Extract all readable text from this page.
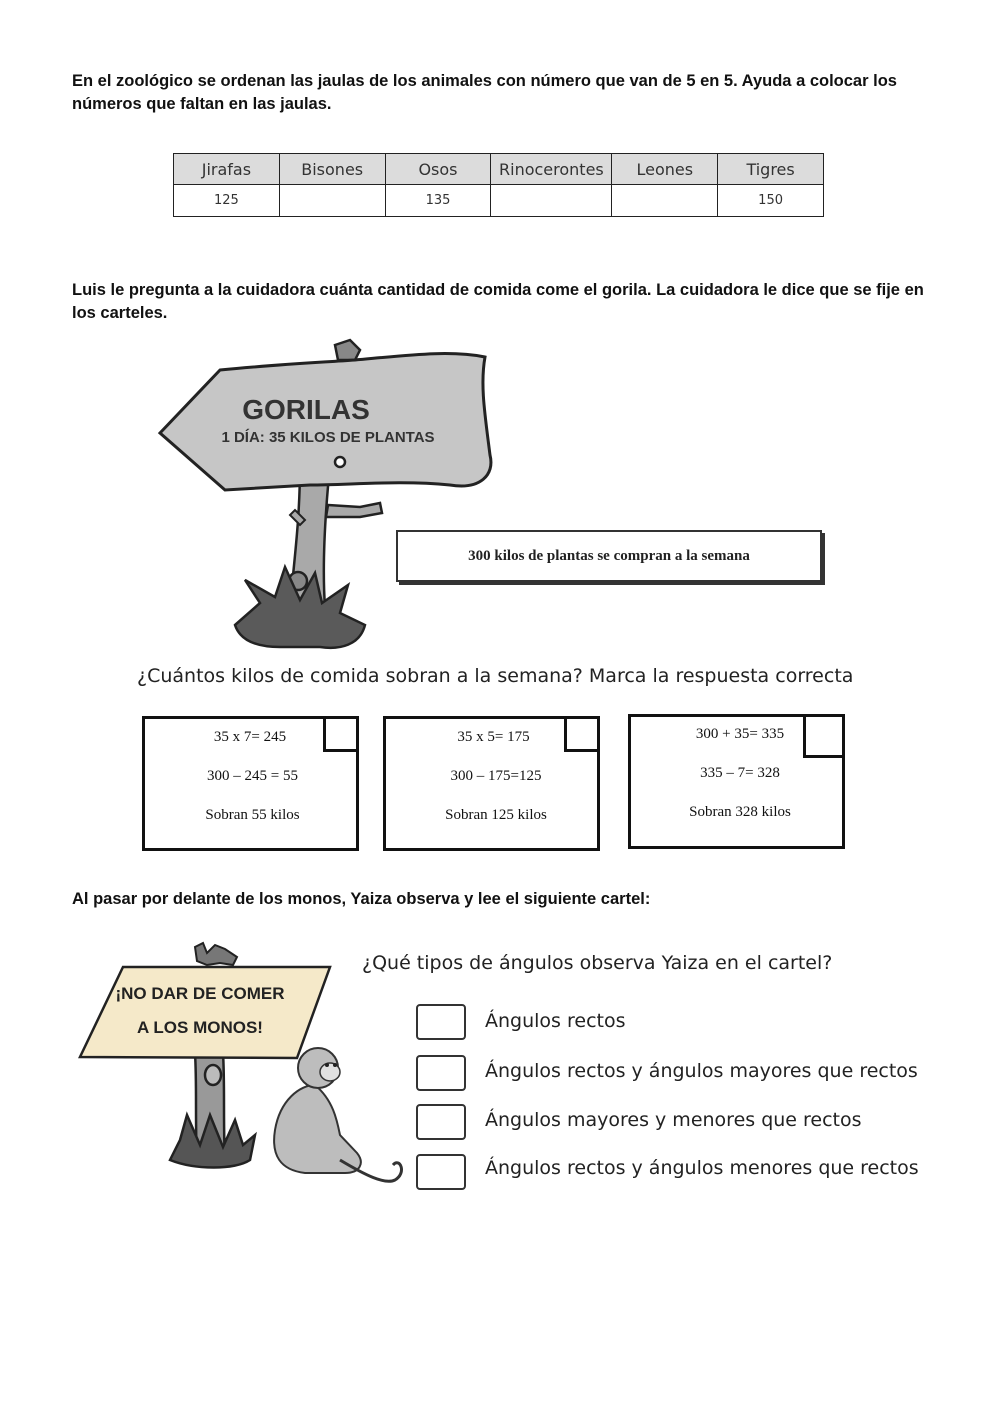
En el zoológico se ordenan las jaulas de los animales con número que van de 5 en 5. Ayuda a colocar los números que faltan en las jaulas.
Jirafas	Bisones	Osos	Rinocerontes	Leones	Tigres
125		135			150
Luis le pregunta a la cuidadora cuánta cantidad de comida come el gorila. La cuidadora le dice que se fije en los carteles.
GORILAS
1 DÍA: 35 KILOS DE PLANTAS
300 kilos de plantas se compran a la semana
¿Cuántos kilos de comida sobran a la semana? Marca la respuesta correcta
35 x 7= 245
300 – 245 = 55
Sobran 55 kilos
35 x 5= 175
300 – 175=125
Sobran 125 kilos
300 + 35= 335
335 – 7= 328
Sobran 328 kilos
Al pasar por delante de los monos, Yaiza observa y lee el siguiente cartel:
¡NO DAR DE COMER
A LOS MONOS!
¿Qué tipos de ángulos observa Yaiza en el cartel?
Ángulos rectos
Ángulos rectos y ángulos mayores que rectos
Ángulos mayores y menores que rectos
Ángulos rectos y ángulos menores que rectos
